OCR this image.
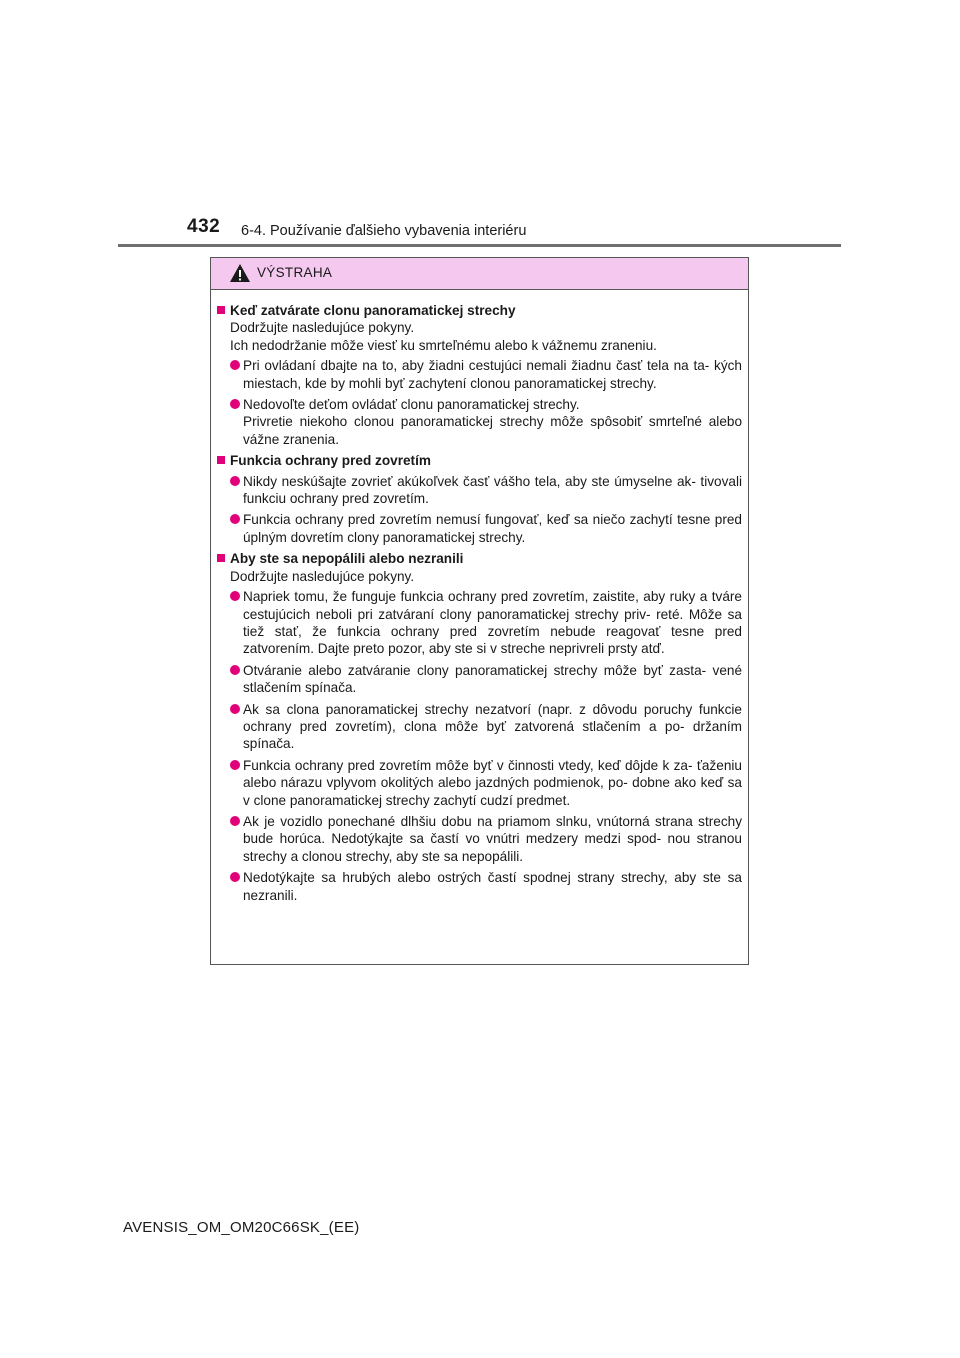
432 6-4. Používanie ďalšieho vybavenia interiéru
VÝSTRAHA
Keď zatvárate clonu panoramatickej strechy
Dodržujte nasledujúce pokyny.
Ich nedodržanie môže viesť ku smrteľnému alebo k vážnemu zraneniu.
Pri ovládaní dbajte na to, aby žiadni cestujúci nemali žiadnu časť tela na ta- kých miestach, kde by mohli byť zachytení clonou panoramatickej strechy.
Nedovoľte deťom ovládať clonu panoramatickej strechy.
Privretie niekoho clonou panoramatickej strechy môže spôsobiť smrteľné alebo vážne zranenia.
Funkcia ochrany pred zovretím
Nikdy neskúšajte zovrieť akúkoľvek časť vášho tela, aby ste úmyselne ak- tivovali funkciu ochrany pred zovretím.
Funkcia ochrany pred zovretím nemusí fungovať, keď sa niečo zachytí tesne pred úplným dovretím clony panoramatickej strechy.
Aby ste sa nepopálili alebo nezranili
Dodržujte nasledujúce pokyny.
Napriek tomu, že funguje funkcia ochrany pred zovretím, zaistite, aby ruky a tváre cestujúcich neboli pri zatváraní clony panoramatickej strechy priv- reté. Môže sa tiež stať, že funkcia ochrany pred zovretím nebude reagovať tesne pred zatvorením. Dajte preto pozor, aby ste si v streche neprivreli prsty atď.
Otváranie alebo zatváranie clony panoramatickej strechy môže byť zasta- vené stlačením spínača.
Ak sa clona panoramatickej strechy nezatvorí (napr. z dôvodu poruchy funkcie ochrany pred zovretím), clona môže byť zatvorená stlačením a po- držaním spínača.
Funkcia ochrany pred zovretím môže byť v činnosti vtedy, keď dôjde k za- ťaženiu alebo nárazu vplyvom okolitých alebo jazdných podmienok, po- dobne ako keď sa v clone panoramatickej strechy zachytí cudzí predmet.
Ak je vozidlo ponechané dlhšiu dobu na priamom slnku, vnútorná strana strechy bude horúca. Nedotýkajte sa častí vo vnútri medzery medzi spod- nou stranou strechy a clonou strechy, aby ste sa nepopálili.
Nedotýkajte sa hrubých alebo ostrých častí spodnej strany strechy, aby ste sa nezranili.
AVENSIS_OM_OM20C66SK_(EE)
